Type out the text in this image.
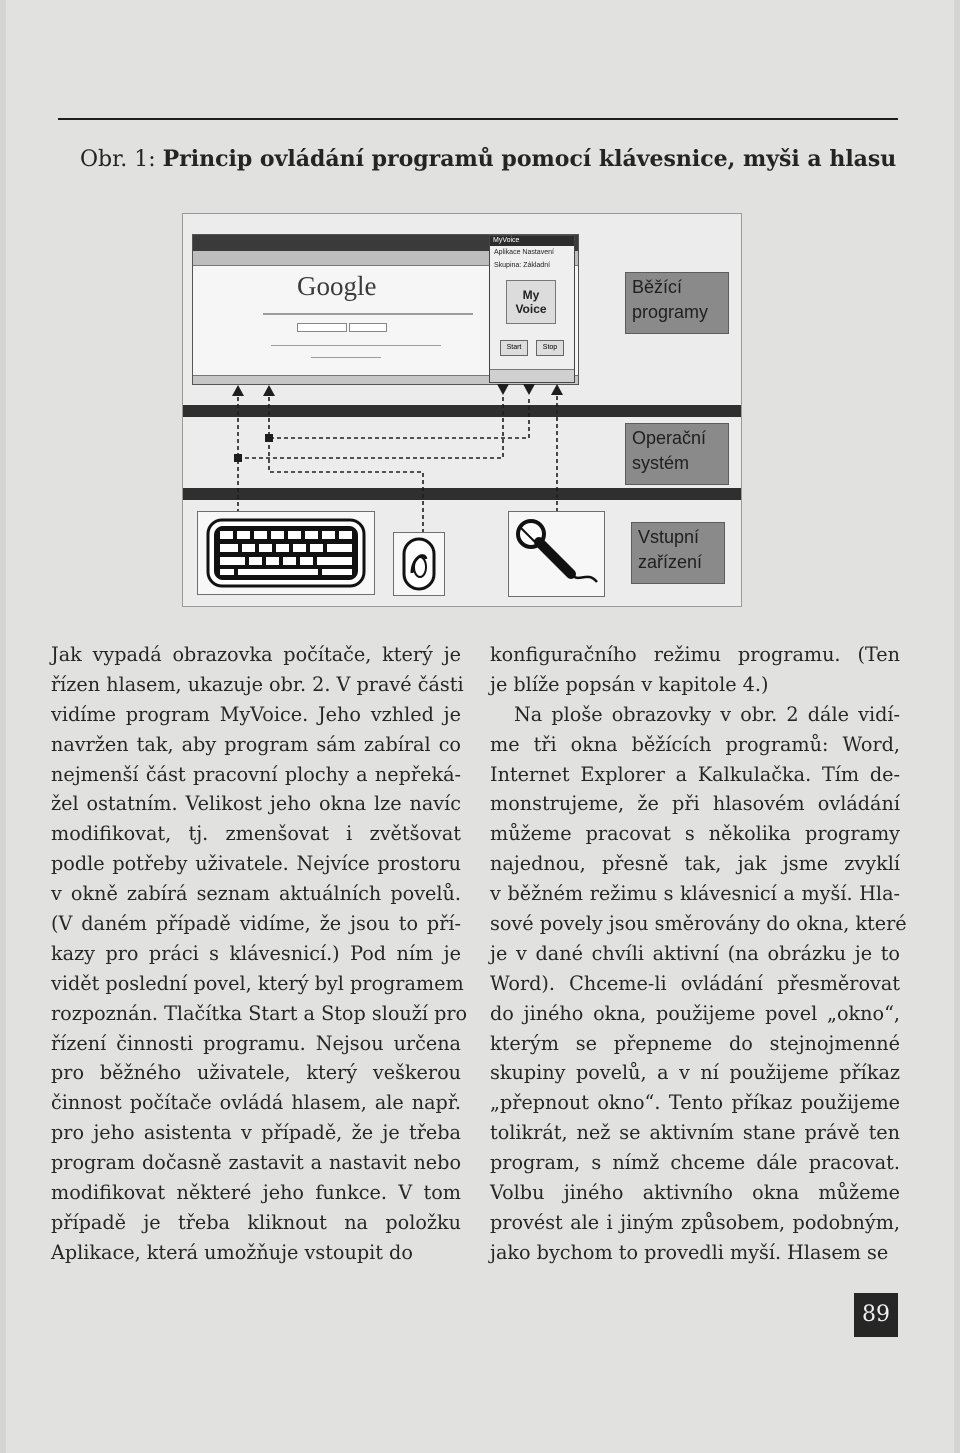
Obr. 1: Princip ovládání programů pomocí klávesnice, myši a hlasu
Google
MyVoice
Aplikace Nastavení
Skupina: Základní
My
Voice
Start	Stop
Běžící
programy
Operační
systém
Vstupní
zařízení

Jak vypadá obrazovka počítače, který je
řízen hlasem, ukazuje obr. 2. V pravé části
vidíme program MyVoice. Jeho vzhled je
navržen tak, aby program sám zabíral co
nejmenší část pracovní plochy a nepřeká-
žel ostatním. Velikost jeho okna lze navíc
modifikovat, tj. zmenšovat i zvětšovat
podle potřeby uživatele. Nejvíce prostoru
v okně zabírá seznam aktuálních povelů.
(V daném případě vidíme, že jsou to pří-
kazy pro práci s klávesnicí.) Pod ním je
vidět poslední povel, který byl programem
rozpoznán. Tlačítka Start a Stop slouží pro
řízení činnosti programu. Nejsou určena
pro běžného uživatele, který veškerou
činnost počítače ovládá hlasem, ale např.
pro jeho asistenta v případě, že je třeba
program dočasně zastavit a nastavit nebo
modifikovat některé jeho funkce. V tom
případě je třeba kliknout na položku
Aplikace, která umožňuje vstoupit do

konfiguračního režimu programu. (Ten
je blíže popsán v kapitole 4.)
Na ploše obrazovky v obr. 2 dále vidí-
me tři okna běžících programů: Word,
Internet Explorer a Kalkulačka. Tím de-
monstrujeme, že při hlasovém ovládání
můžeme pracovat s několika programy
najednou, přesně tak, jak jsme zvyklí
v běžném režimu s klávesnicí a myší. Hla-
sové povely jsou směrovány do okna, které
je v dané chvíli aktivní (na obrázku je to
Word). Chceme-li ovládání přesměrovat
do jiného okna, použijeme povel „okno“,
kterým se přepneme do stejnojmenné
skupiny povelů, a v ní použijeme příkaz
„přepnout okno“. Tento příkaz použijeme
tolikrát, než se aktivním stane právě ten
program, s nímž chceme dále pracovat.
Volbu jiného aktivního okna můžeme
provést ale i jiným způsobem, podobným,
jako bychom to provedli myší. Hlasem se

89
